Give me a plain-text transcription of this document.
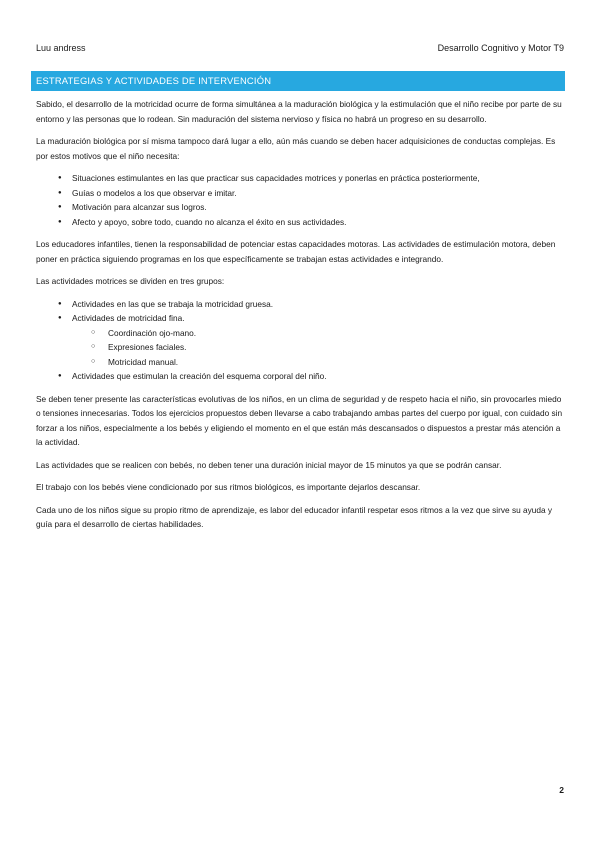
Luu andress	Desarrollo Cognitivo y Motor T9
ESTRATEGIAS Y ACTIVIDADES DE INTERVENCIÓN

Sabido, el desarrollo de la motricidad ocurre de forma simultánea a la maduración biológica y la estimulación que el niño recibe por parte de su entorno y las personas que lo rodean. Sin maduración del sistema nervioso y física no habrá un progreso en su desarrollo.

La maduración biológica por sí misma tampoco dará lugar a ello, aún más cuando se deben hacer adquisiciones de conductas complejas. Es por estos motivos que el niño necesita:

● Situaciones estimulantes en las que practicar sus capacidades motrices y ponerlas en práctica posteriormente,
● Guías o modelos a los que observar e imitar.
● Motivación para alcanzar sus logros.
● Afecto y apoyo, sobre todo, cuando no alcanza el éxito en sus actividades.

Los educadores infantiles, tienen la responsabilidad de potenciar estas capacidades motoras. Las actividades de estimulación motora, deben poner en práctica siguiendo programas en los que específicamente se trabajan estas actividades e integrando.

Las actividades motrices se dividen en tres grupos:

● Actividades en las que se trabaja la motricidad gruesa.
● Actividades de motricidad fina.
○ Coordinación ojo-mano.
○ Expresiones faciales.
○ Motricidad manual.
● Actividades que estimulan la creación del esquema corporal del niño.

Se deben tener presente las características evolutivas de los niños, en un clima de seguridad y de respeto hacia el niño, sin provocarles miedo o tensiones innecesarias. Todos los ejercicios propuestos deben llevarse a cabo trabajando ambas partes del cuerpo por igual, con cuidado sin forzar a los niños, especialmente a los bebés y eligiendo el momento en el que están más descansados o dispuestos a prestar más atención a la actividad.

Las actividades que se realicen con bebés, no deben tener una duración inicial mayor de 15 minutos ya que se podrán cansar.

El trabajo con los bebés viene condicionado por sus ritmos biológicos, es importante dejarlos descansar.

Cada uno de los niños sigue su propio ritmo de aprendizaje, es labor del educador infantil respetar esos ritmos a la vez que sirve su ayuda y guía para el desarrollo de ciertas habilidades.

2
